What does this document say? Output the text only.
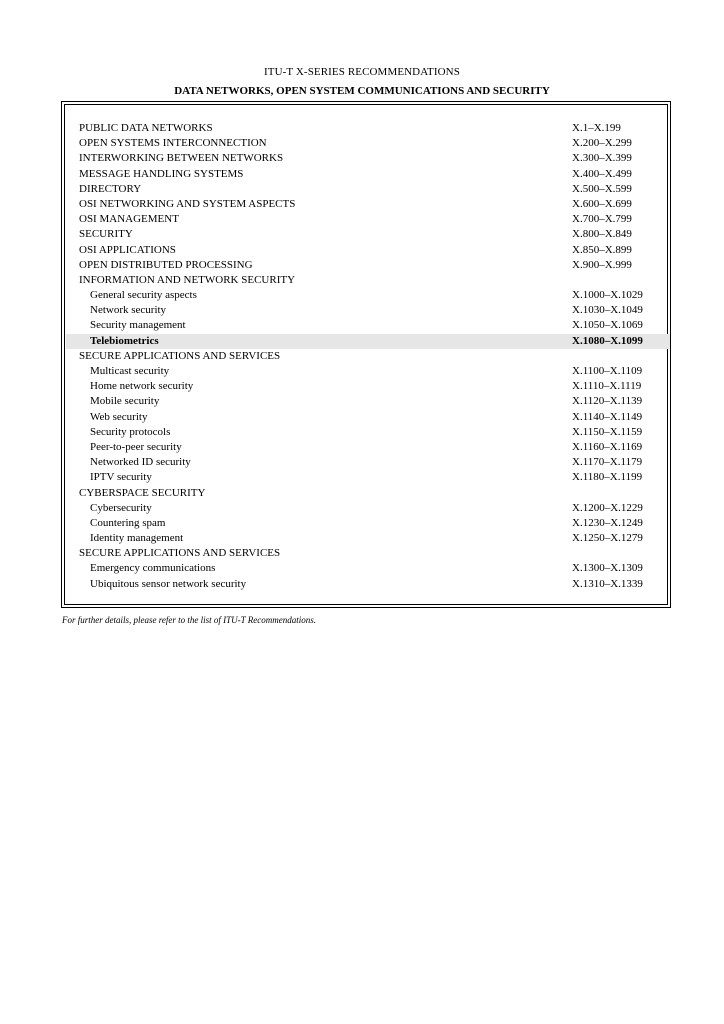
ITU-T X-SERIES RECOMMENDATIONS
DATA NETWORKS, OPEN SYSTEM COMMUNICATIONS AND SECURITY
PUBLIC DATA NETWORKS	X.1–X.199
OPEN SYSTEMS INTERCONNECTION	X.200–X.299
INTERWORKING BETWEEN NETWORKS	X.300–X.399
MESSAGE HANDLING SYSTEMS	X.400–X.499
DIRECTORY	X.500–X.599
OSI NETWORKING AND SYSTEM ASPECTS	X.600–X.699
OSI MANAGEMENT	X.700–X.799
SECURITY	X.800–X.849
OSI APPLICATIONS	X.850–X.899
OPEN DISTRIBUTED PROCESSING	X.900–X.999
INFORMATION AND NETWORK SECURITY
General security aspects	X.1000–X.1029
Network security	X.1030–X.1049
Security management	X.1050–X.1069
Telebiometrics	X.1080–X.1099
SECURE APPLICATIONS AND SERVICES
Multicast security	X.1100–X.1109
Home network security	X.1110–X.1119
Mobile security	X.1120–X.1139
Web security	X.1140–X.1149
Security protocols	X.1150–X.1159
Peer-to-peer security	X.1160–X.1169
Networked ID security	X.1170–X.1179
IPTV security	X.1180–X.1199
CYBERSPACE SECURITY
Cybersecurity	X.1200–X.1229
Countering spam	X.1230–X.1249
Identity management	X.1250–X.1279
SECURE APPLICATIONS AND SERVICES
Emergency communications	X.1300–X.1309
Ubiquitous sensor network security	X.1310–X.1339

For further details, please refer to the list of ITU-T Recommendations.
